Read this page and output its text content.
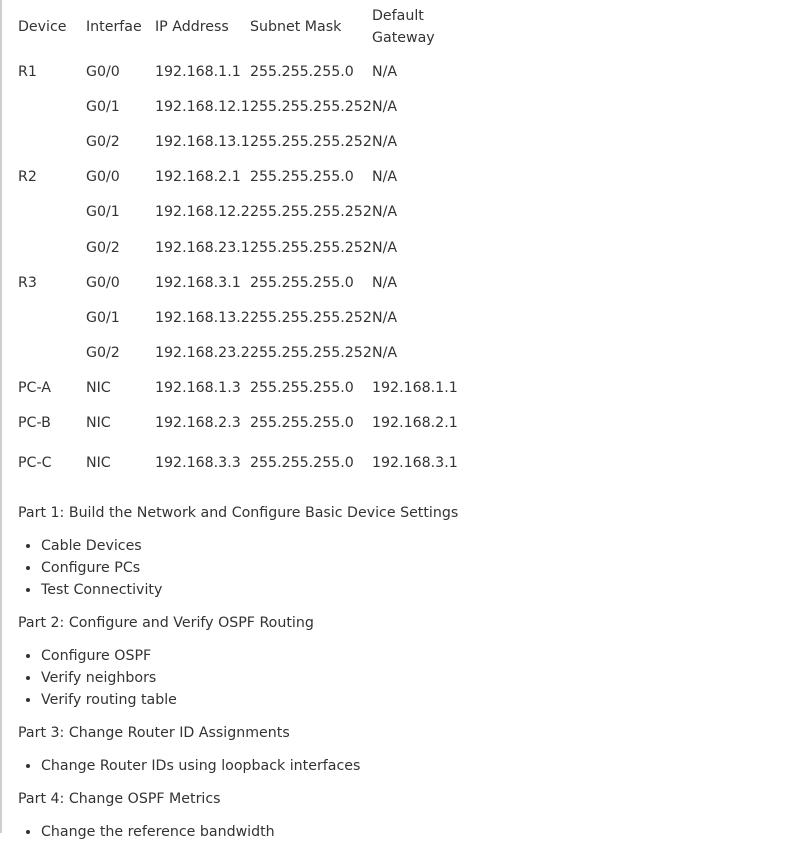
Device	Interfae	IP Address	Subnet Mask	Default Gateway

R1	G0/0	192.168.1.1	255.255.255.0	N/A
	G0/1	192.168.12.1	255.255.255.252	N/A
	G0/2	192.168.13.1	255.255.255.252	N/A
R2	G0/0	192.168.2.1	255.255.255.0	N/A
	G0/1	192.168.12.2	255.255.255.252	N/A
	G0/2	192.168.23.1	255.255.255.252	N/A
R3	G0/0	192.168.3.1	255.255.255.0	N/A
	G0/1	192.168.13.2	255.255.255.252	N/A
	G0/2	192.168.23.2	255.255.255.252	N/A
PC-A	NIC	192.168.1.3	255.255.255.0	192.168.1.1
PC-B	NIC	192.168.2.3	255.255.255.0	192.168.2.1
PC-C	NIC	192.168.3.3	255.255.255.0	192.168.3.1

Part 1: Build the Network and Configure Basic Device Settings

• Cable Devices
• Configure PCs
• Test Connectivity

Part 2: Configure and Verify OSPF Routing

• Configure OSPF
• Verify neighbors
• Verify routing table

Part 3: Change Router ID Assignments

• Change Router IDs using loopback interfaces

Part 4: Change OSPF Metrics

• Change the reference bandwidth
